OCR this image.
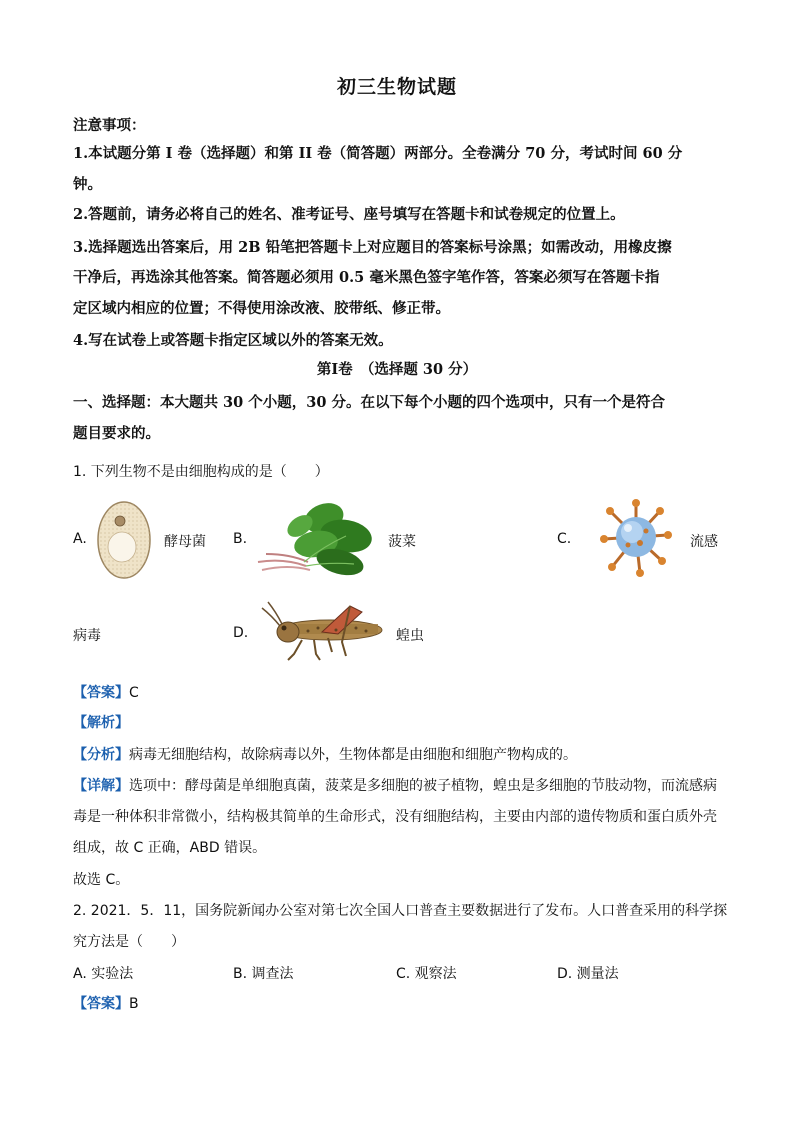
初三生物试题
注意事项：
1.本试题分第 I 卷（选择题）和第 II 卷（简答题）两部分。全卷满分 70 分，考试时间 60 分
钟。
2.答题前，请务必将自己的姓名、准考证号、座号填写在答题卡和试卷规定的位置上。
3.选择题选出答案后，用 2B 铅笔把答题卡上对应题目的答案标号涂黑；如需改动，用橡皮擦
干净后，再选涂其他答案。简答题必须用 0.5 毫米黑色签字笔作答，答案必须写在答题卡指
定区域内相应的位置；不得使用涂改液、胶带纸、修正带。
4.写在试卷上或答题卡指定区域以外的答案无效。
第Ⅰ卷　（选择题 30 分）
一、选择题：本大题共 30 个小题，30 分。在以下每个小题的四个选项中，只有一个是符合
题目要求的。
1. 下列生物不是由细胞构成的是（　　）
A.	酵母菌 B.	菠菜	C.	流感
病毒	D.	蝗虫
【答案】C
【解析】
【分析】病毒无细胞结构，故除病毒以外，生物体都是由细胞和细胞产物构成的。
【详解】选项中：酵母菌是单细胞真菌，菠菜是多细胞的被子植物，蝗虫是多细胞的节肢动物，而流感病
毒是一种体积非常微小，结构极其简单的生命形式，没有细胞结构，主要由内部的遗传物质和蛋白质外壳
组成，故 C 正确，ABD 错误。
故选 C。
2. 2021．5．11，国务院新闻办公室对第七次全国人口普查主要数据进行了发布。人口普查采用的科学探
究方法是（　　）
A. 实验法	B. 调查法	C. 观察法	D. 测量法
【答案】B
